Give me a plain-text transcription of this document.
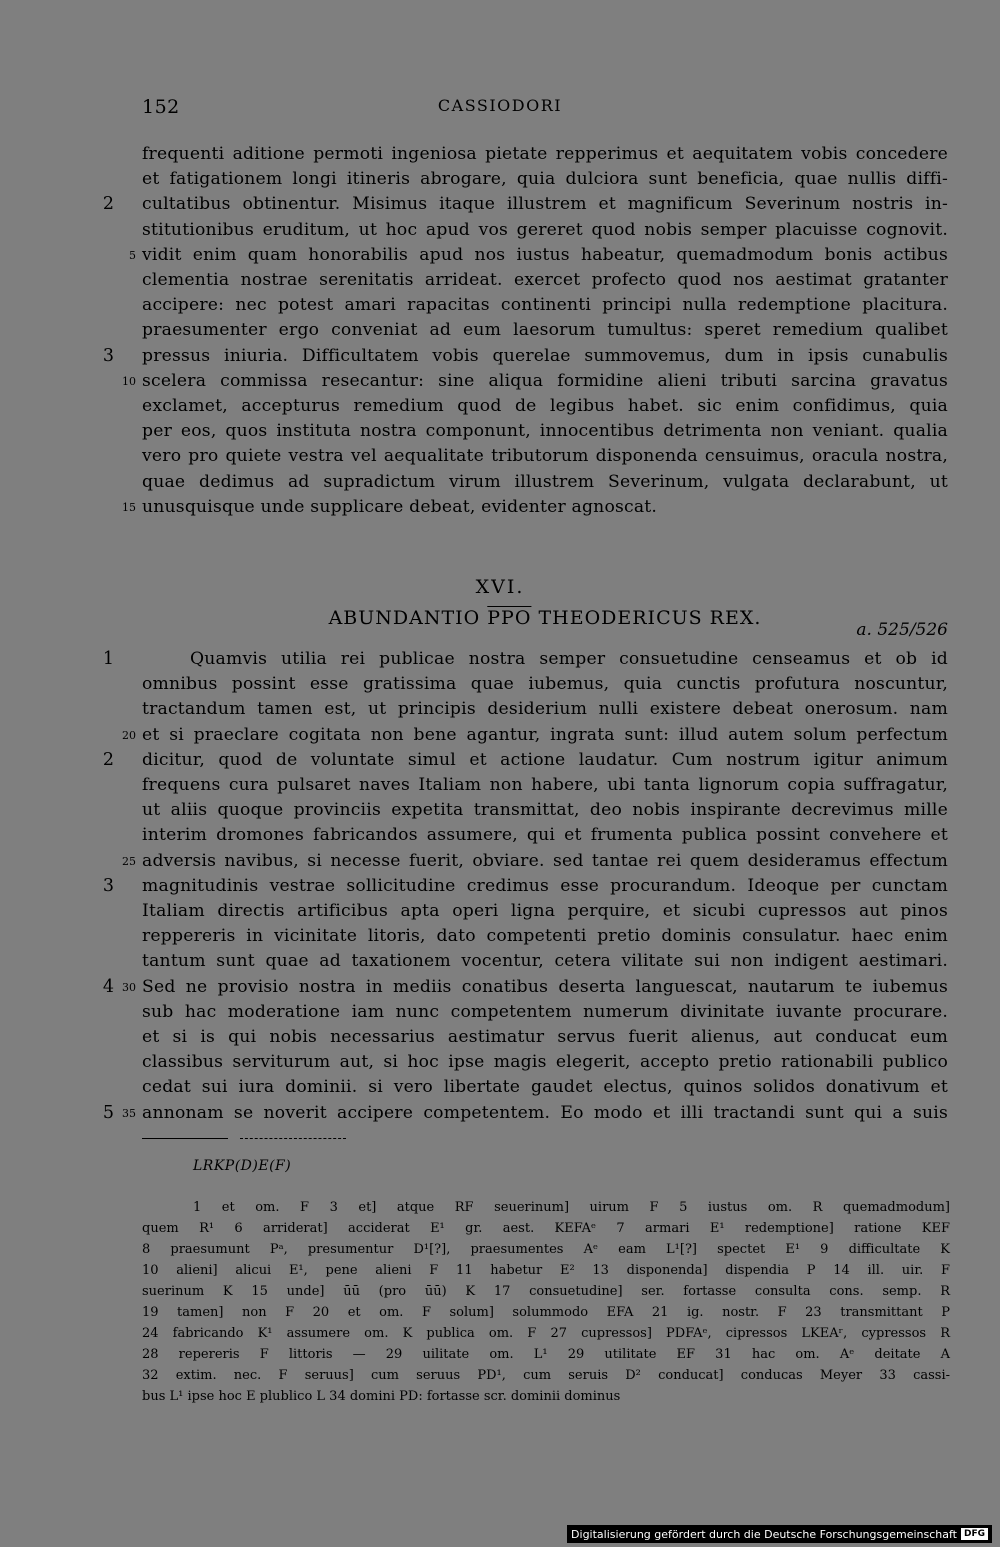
152	CASSIODORI
frequenti aditione permoti ingeniosa pietate repperimus et aequitatem vobis concedere
et fatigationem longi itineris abrogare, quia dulciora sunt beneficia, quae nullis diffi-
cultatibus obtinentur. Misimus itaque illustrem et magnificum Severinum nostris in-
stitutionibus eruditum, ut hoc apud vos gereret quod nobis semper placuisse cognovit.
vidit enim quam honorabilis apud nos iustus habeatur, quemadmodum bonis actibus
clementia nostrae serenitatis arrideat. exercet profecto quod nos aestimat gratanter
accipere: nec potest amari rapacitas continenti principi nulla redemptione placitura.
praesumenter ergo conveniat ad eum laesorum tumultus: speret remedium qualibet
pressus iniuria. Difficultatem vobis querelae summovemus, dum in ipsis cunabulis
scelera commissa resecantur: sine aliqua formidine alieni tributi sarcina gravatus
exclamet, accepturus remedium quod de legibus habet. sic enim confidimus, quia
per eos, quos instituta nostra componunt, innocentibus detrimenta non veniant. qualia
vero pro quiete vestra vel aequalitate tributorum disponenda censuimus, oracula nostra,
quae dedimus ad supradictum virum illustrem Severinum, vulgata declarabunt, ut
unusquisque unde supplicare debeat, evidenter agnoscat.
XVI.
ABUNDANTIO $\overline{PPO}$ THEODERICUS REX.
a. 525/526
Quamvis utilia rei publicae nostra semper consuetudine censeamus et ob id
omnibus possint esse gratissima quae iubemus, quia cunctis profutura noscuntur,
tractandum tamen est, ut principis desiderium nulli existere debeat onerosum. nam
et si praeclare cogitata non bene agantur, ingrata sunt: illud autem solum perfectum
dicitur, quod de voluntate simul et actione laudatur. Cum nostrum igitur animum
frequens cura pulsaret naves Italiam non habere, ubi tanta lignorum copia suffragatur,
ut aliis quoque provinciis expetita transmittat, deo nobis inspirante decrevimus mille
interim dromones fabricandos assumere, qui et frumenta publica possint convehere et
adversis navibus, si necesse fuerit, obviare. sed tantae rei quem desideramus effectum
magnitudinis vestrae sollicitudine credimus esse procurandum. Ideoque per cunctam
Italiam directis artificibus apta operi ligna perquire, et sicubi cupressos aut pinos
reppereris in vicinitate litoris, dato competenti pretio dominis consulatur. haec enim
tantum sunt quae ad taxationem vocentur, cetera vilitate sui non indigent aestimari.
Sed ne provisio nostra in mediis conatibus deserta languescat, nautarum te iubemus
sub hac moderatione iam nunc competentem numerum divinitate iuvante procurare.
et si is qui nobis necessarius aestimatur servus fuerit alienus, aut conducat eum
classibus serviturum aut, si hoc ipse magis elegerit, accepto pretio rationabili publico
cedat sui iura dominii. si vero libertate gaudet electus, quinos solidos donativum et
annonam se noverit accipere competentem. Eo modo et illi tractandi sunt qui a suis
2
3
1
2
3
4
5
5
10
15
20
25
30
35
LRKP(D)E(F)
1 et om. F 3 et] atque RF seuerinum] uirum F 5 iustus om. R quemadmodum]
quem R¹ 6 arriderat] acciderat E¹ gr. aest. KEFAᵉ 7 armari E¹ redemptione] ratione KEF
8 praesumunt Pᵃ, presumentur D¹[?], praesumentes Aᵉ eam L¹[?] spectet E¹ 9 difficultate K
10 alieni] alicui E¹, pene alieni F 11 habetur E² 13 disponenda] dispendia P 14 ill. uir. F
suerinum K 15 unde] ūū (pro ūū) K 17 consuetudine] ser. fortasse consulta cons. semp. R
19 tamen] non F 20 et om. F solum] solummodo EFA 21 ig. nostr. F 23 transmittant P
24 fabricando K¹ assumere om. K publica om. F 27 cupressos] PDFAᵉ, cipressos LKEAʳ, cypressos R
28 repereris F littoris — 29 uilitate om. L¹ 29 utilitate EF 31 hac om. Aᵉ deitate A
32 extim. nec. F seruus] cum seruus PD¹, cum seruis D² conducat] conducas Meyer 33 cassi-
bus L¹ ipse hoc E plublico L 34 domini PD: fortasse scr. dominii dominus
Digitalisierung gefördert durch die Deutsche Forschungsgemeinschaft DFG
